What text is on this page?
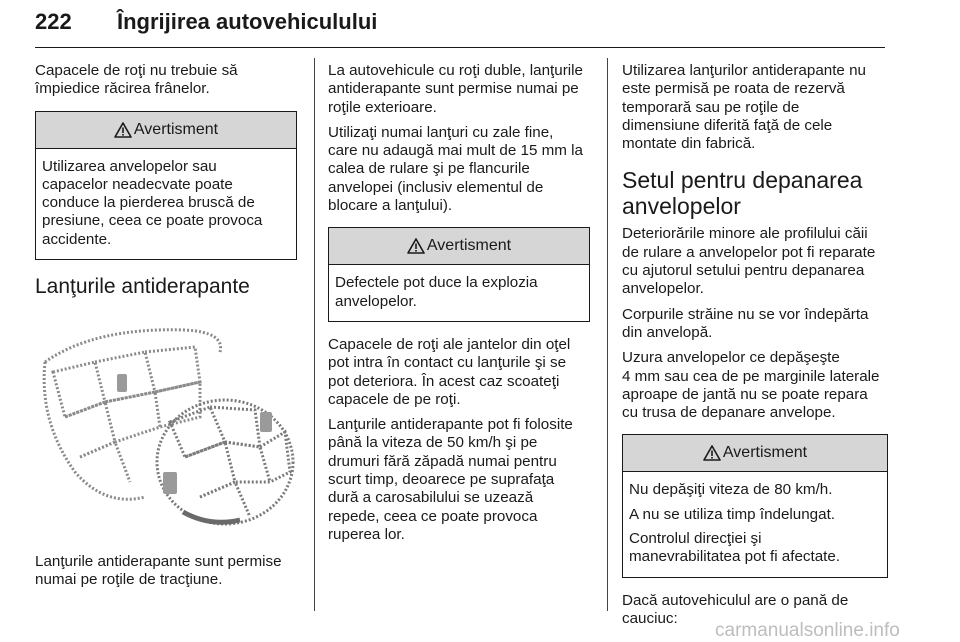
222 Îngrijirea autovehiculului

Capacele de roţi nu trebuie să
împiedice răcirea frânelor.

Avertisment

Utilizarea anvelopelor sau
capacelor neadecvate poate
conduce la pierderea bruscă de
presiune, ceea ce poate provoca
accidente.

Lanţurile antiderapante

Lanţurile antiderapante sunt permise
numai pe roţile de tracţiune.

La autovehicule cu roţi duble, lanţurile
antiderapante sunt permise numai pe
roţile exterioare.

Utilizaţi numai lanţuri cu zale fine,
care nu adaugă mai mult de 15 mm la
calea de rulare şi pe flancurile
anvelopei (inclusiv elementul de
blocare a lanţului).

Avertisment

Defectele pot duce la explozia
anvelopelor.

Capacele de roţi ale jantelor din oţel
pot intra în contact cu lanţurile şi se
pot deteriora. În acest caz scoateţi
capacele de pe roţi.

Lanţurile antiderapante pot fi folosite
până la viteza de 50 km/h şi pe
drumuri fără zăpadă numai pentru
scurt timp, deoarece pe suprafaţa
dură a carosabilului se uzează
repede, ceea ce poate provoca
ruperea lor.

Utilizarea lanţurilor antiderapante nu
este permisă pe roata de rezervă
temporară sau pe roţile de
dimensiune diferită faţă de cele
montate din fabrică.

Setul pentru depanarea
anvelopelor

Deteriorările minore ale profilului căii
de rulare a anvelopelor pot fi reparate
cu ajutorul setului pentru depanarea
anvelopelor.

Corpurile străine nu se vor îndepărta
din anvelopă.

Uzura anvelopelor ce depăşeşte
4 mm sau cea de pe marginile laterale
aproape de jantă nu se poate repara
cu trusa de depanare anvelope.

Avertisment

Nu depăşiţi viteza de 80 km/h.

A nu se utiliza timp îndelungat.

Controlul direcţiei şi
manevrabilitatea pot fi afectate.

Dacă autovehiculul are o pană de
cauciuc:

carmanualsonline.info
